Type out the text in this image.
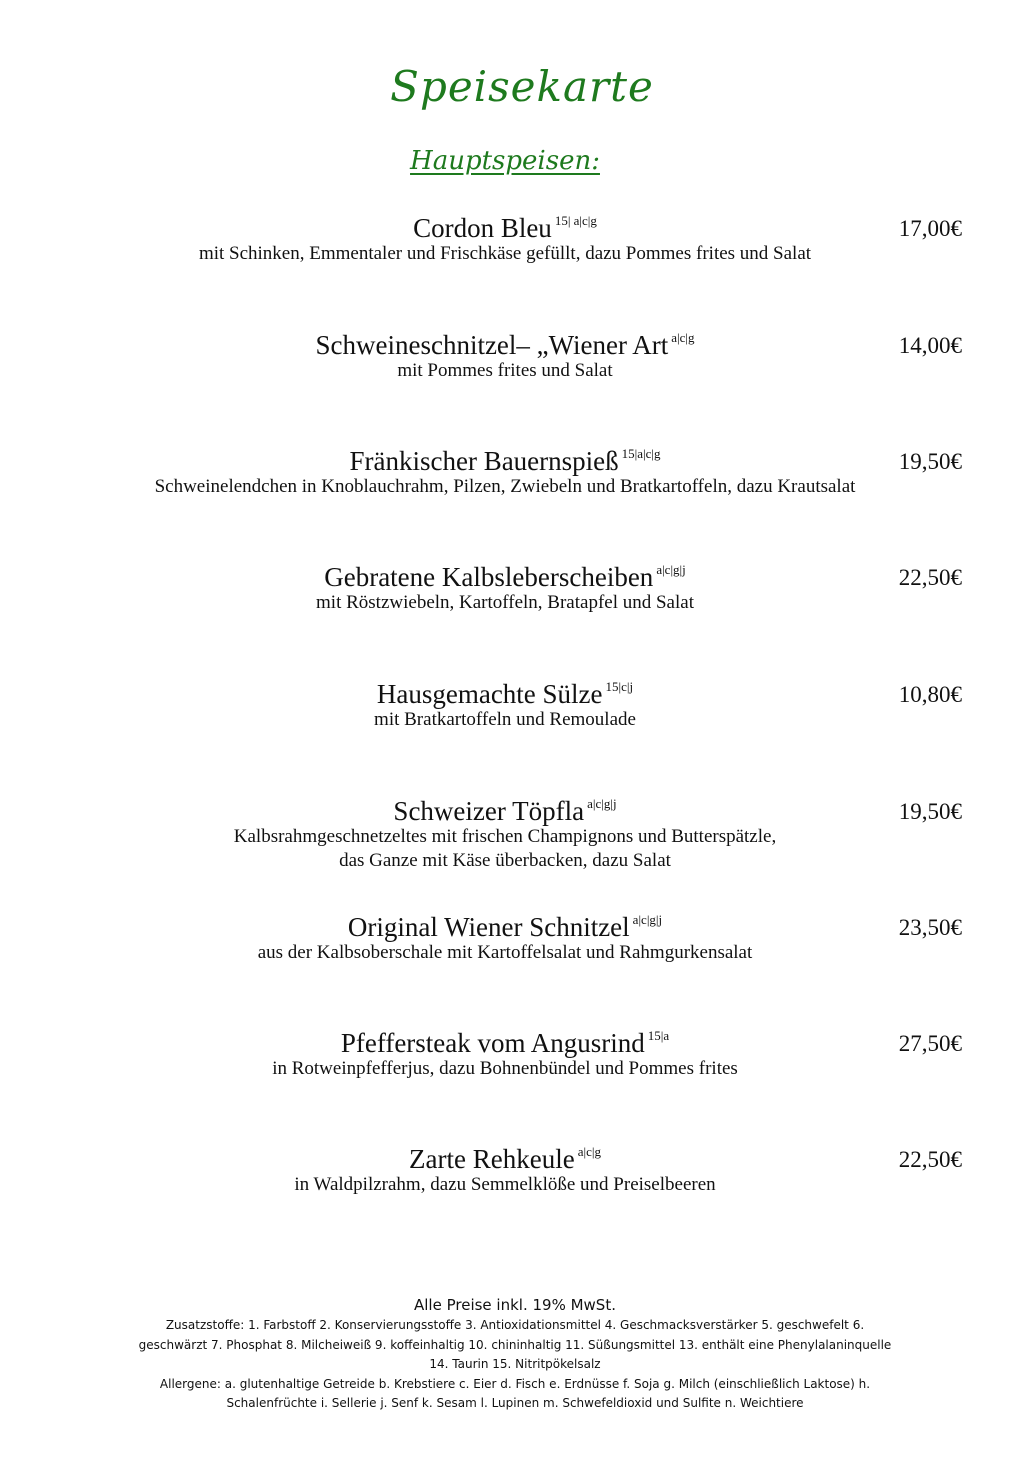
Speisekarte
Hauptspeisen:
Cordon Bleu $^{15| a|c|g}$
mit Schinken, Emmentaler und Frischkäse gefüllt, dazu Pommes frites und Salat
17,00€
Schweineschnitzel– „Wiener Art $^{a|c|g}$
mit Pommes frites und Salat
14,00€
Fränkischer Bauernspieß $^{15|a|c|g}$
Schweinelendchen in Knoblauchrahm, Pilzen, Zwiebeln und Bratkartoffeln, dazu Krautsalat
19,50€
Gebratene Kalbsleberscheiben $^{a|c|g|j}$
mit Röstzwiebeln, Kartoffeln, Bratapfel und Salat
22,50€
Hausgemachte Sülze $^{15|c|j}$
mit Bratkartoffeln und Remoulade
10,80€
Schweizer Töpfla $^{a|c|g|j}$
Kalbsrahmgeschnetzeltes mit frischen Champignons und Butterspätzle, das Ganze mit Käse überbacken, dazu Salat
19,50€
Original Wiener Schnitzel $^{a|c|g|j}$
aus der Kalbsoberschale mit Kartoffelsalat und Rahmgurkensalat
23,50€
Pfeffersteak vom Angusrind $^{15|a}$
in Rotweinpfefferjus, dazu Bohnenbündel und Pommes frites
27,50€
Zarte Rehkeule $^{a|c|g}$
in Waldpilzrahm, dazu Semmelklöße und Preiselbeeren
22,50€
Alle Preise inkl. 19% MwSt.
Zusatzstoffe: 1. Farbstoff 2. Konservierungsstoffe 3. Antioxidationsmittel 4. Geschmacksverstärker 5. geschwefelt 6. geschwärzt 7. Phosphat 8. Milcheiweiß 9. koffeinhaltig 10. chininhaltig 11. Süßungsmittel 13. enthält eine Phenylalaninquelle 14. Taurin 15. Nitritpökelsalz
Allergene: a. glutenhaltige Getreide b. Krebstiere c. Eier d. Fisch e. Erdnüsse f. Soja g. Milch (einschließlich Laktose) h. Schalenfrüchte i. Sellerie j. Senf k. Sesam l. Lupinen m. Schwefeldioxid und Sulfite n. Weichtiere
